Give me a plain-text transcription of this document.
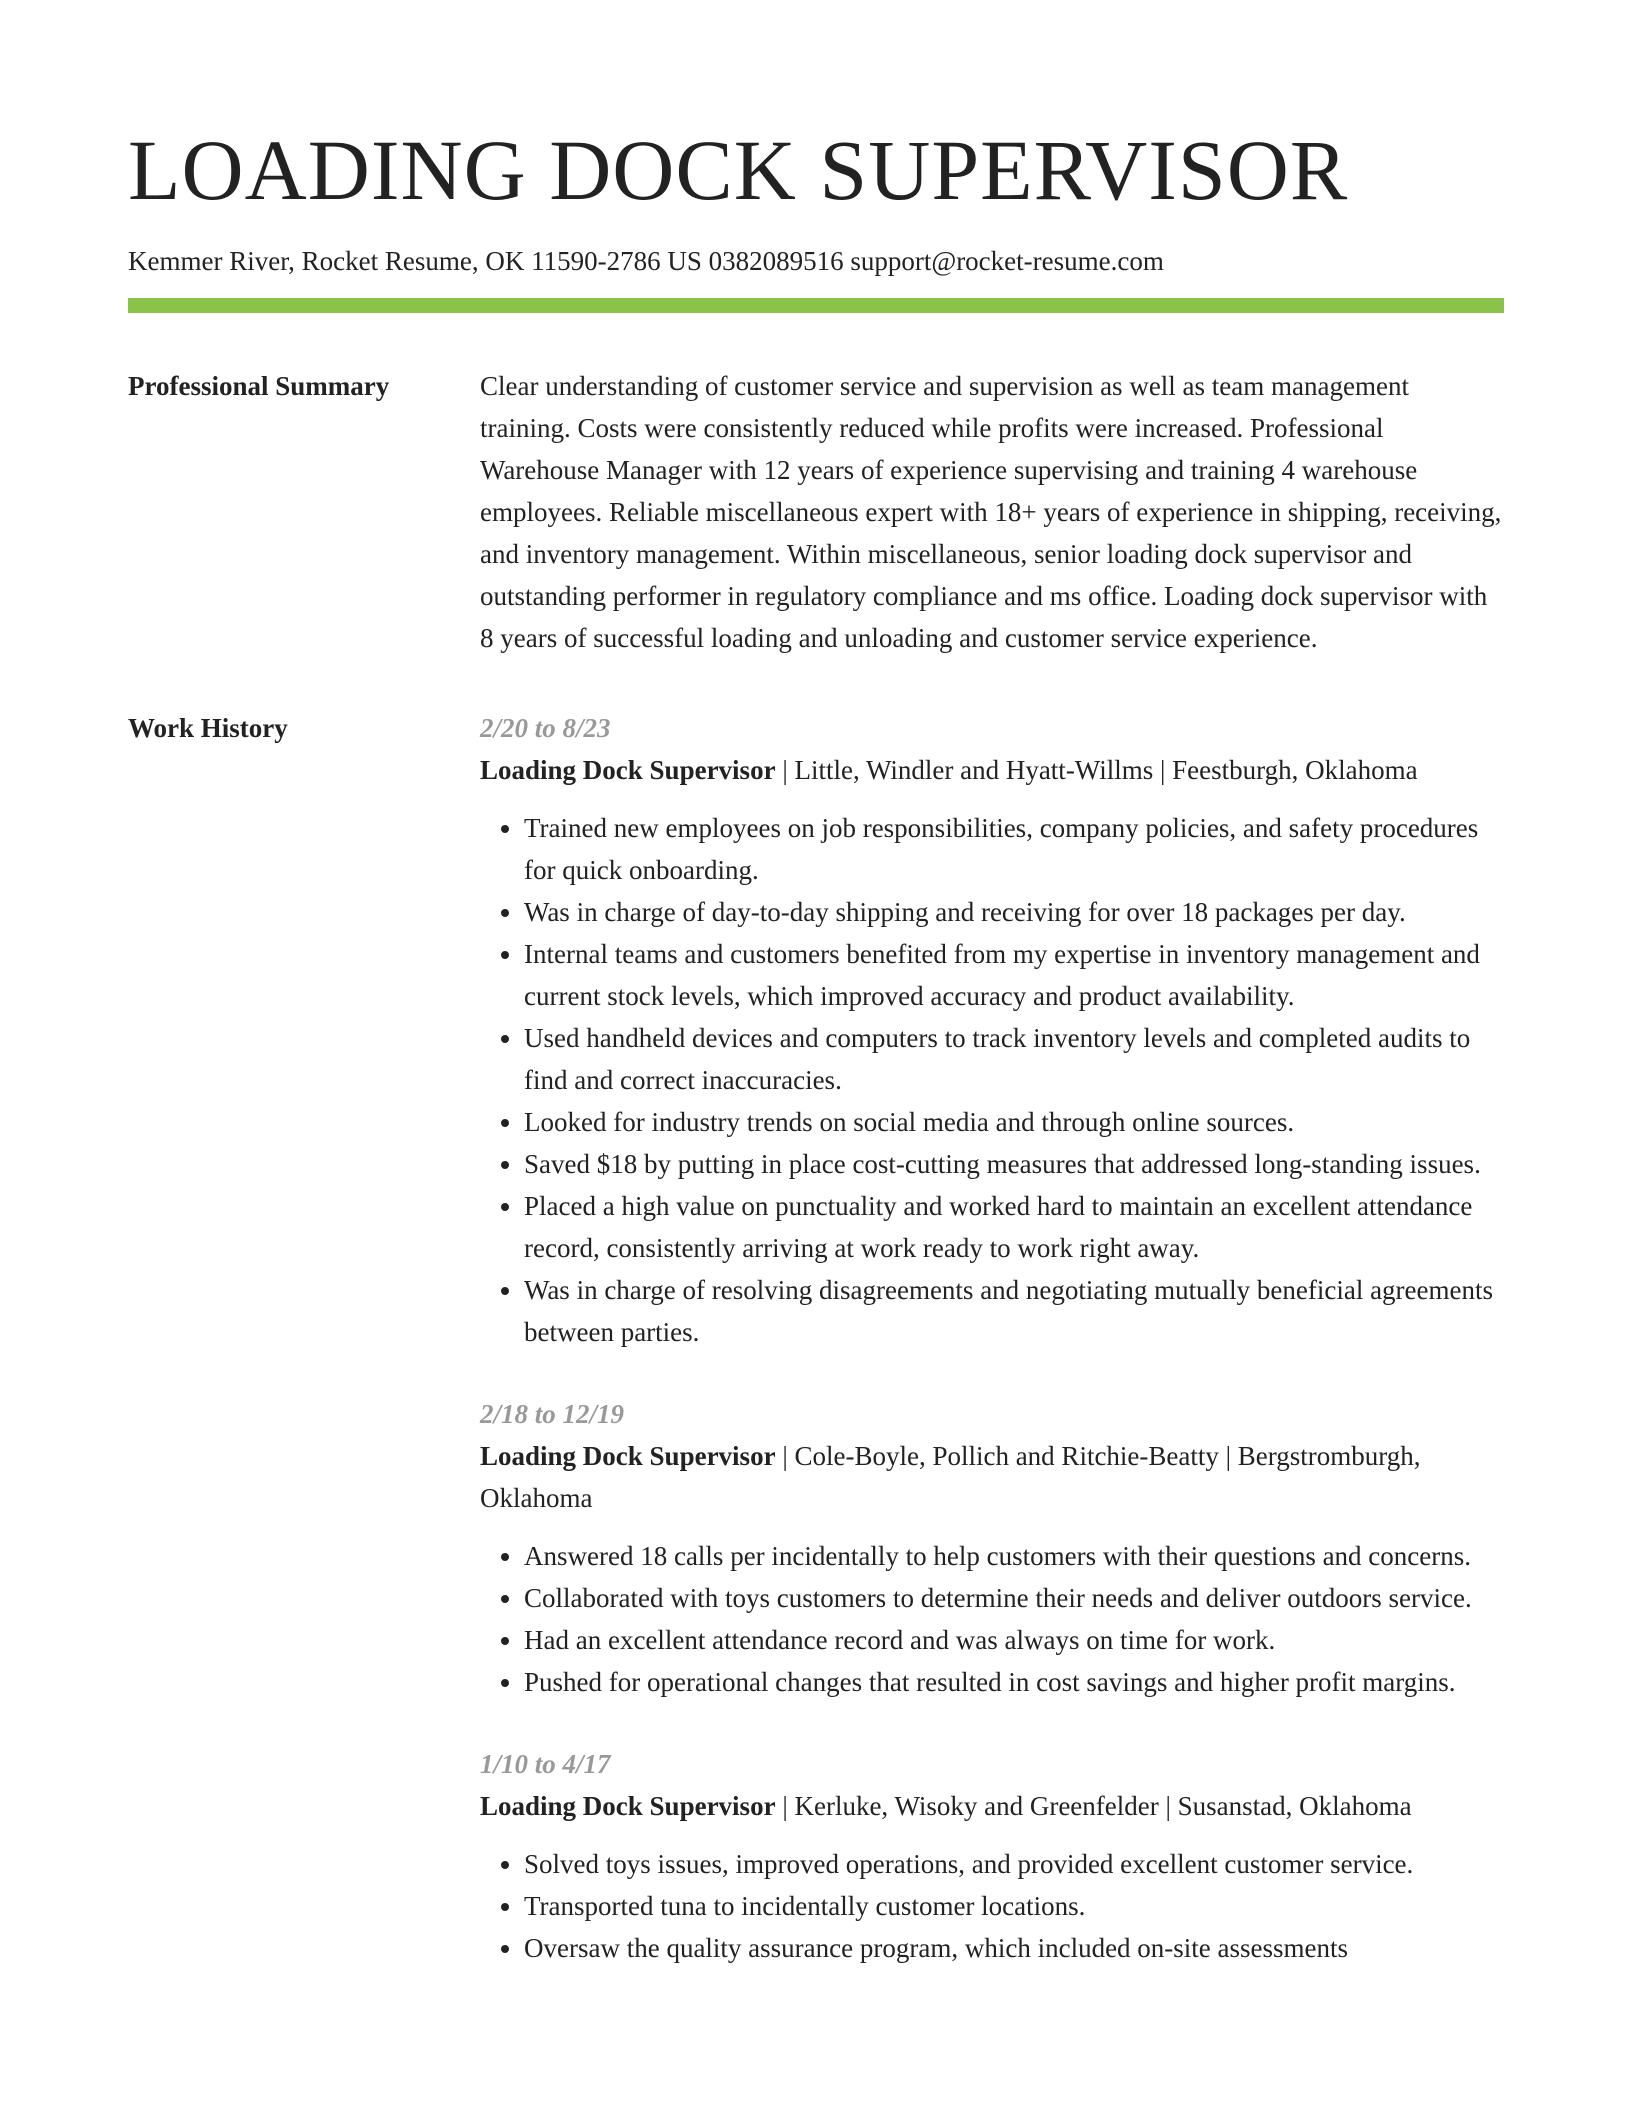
LOADING DOCK SUPERVISOR
Kemmer River, Rocket Resume, OK 11590-2786 US 0382089516 support@rocket-resume.com
Professional Summary	Clear understanding of customer service and supervision as well as team management training. Costs were consistently reduced while profits were increased. Professional Warehouse Manager with 12 years of experience supervising and training 4 warehouse employees. Reliable miscellaneous expert with 18+ years of experience in shipping, receiving, and inventory management. Within miscellaneous, senior loading dock supervisor and outstanding performer in regulatory compliance and ms office. Loading dock supervisor with 8 years of successful loading and unloading and customer service experience.

Work History	2/20 to 8/23
Loading Dock Supervisor | Little, Windler and Hyatt-Willms | Feestburgh, Oklahoma
• Trained new employees on job responsibilities, company policies, and safety procedures for quick onboarding.
• Was in charge of day-to-day shipping and receiving for over 18 packages per day.
• Internal teams and customers benefited from my expertise in inventory management and current stock levels, which improved accuracy and product availability.
• Used handheld devices and computers to track inventory levels and completed audits to find and correct inaccuracies.
• Looked for industry trends on social media and through online sources.
• Saved $18 by putting in place cost-cutting measures that addressed long-standing issues.
• Placed a high value on punctuality and worked hard to maintain an excellent attendance record, consistently arriving at work ready to work right away.
• Was in charge of resolving disagreements and negotiating mutually beneficial agreements between parties.
2/18 to 12/19
Loading Dock Supervisor | Cole-Boyle, Pollich and Ritchie-Beatty | Bergstromburgh, Oklahoma
• Answered 18 calls per incidentally to help customers with their questions and concerns.
• Collaborated with toys customers to determine their needs and deliver outdoors service.
• Had an excellent attendance record and was always on time for work.
• Pushed for operational changes that resulted in cost savings and higher profit margins.
1/10 to 4/17
Loading Dock Supervisor | Kerluke, Wisoky and Greenfelder | Susanstad, Oklahoma
• Solved toys issues, improved operations, and provided excellent customer service.
• Transported tuna to incidentally customer locations.
• Oversaw the quality assurance program, which included on-site assessments
